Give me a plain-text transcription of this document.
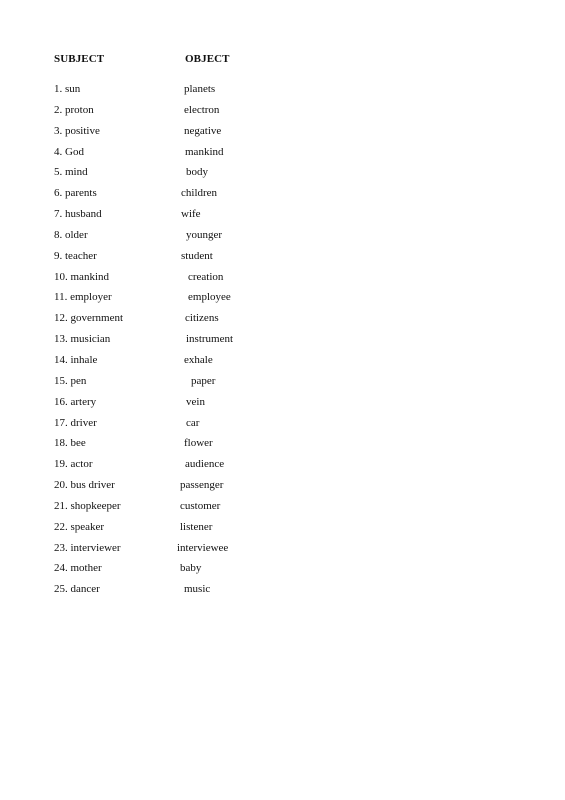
SUBJECT	OBJECT
1. sun	planets
2. proton	electron
3. positive	negative
4. God	mankind
5. mind	body
6. parents	children
7. husband	wife
8. older	younger
9. teacher	student
10. mankind	creation
11. employer	employee
12. government	citizens
13. musician	instrument
14. inhale	exhale
15. pen	paper
16. artery	vein
17. driver	car
18. bee	flower
19. actor	audience
20. bus driver	passenger
21. shopkeeper	customer
22. speaker	listener
23. interviewer	interviewee
24. mother	baby
25. dancer	music
